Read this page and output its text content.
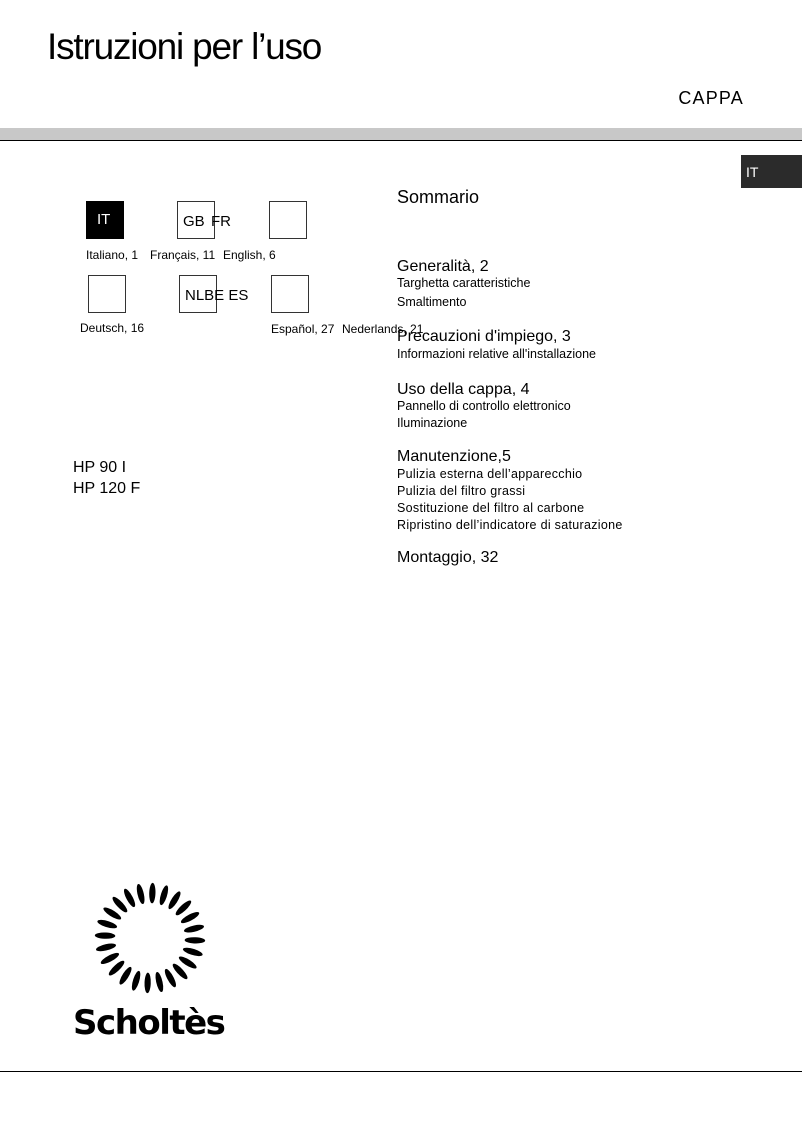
Istruzioni per l’uso
CAPPA
IT
IT	GB FR
Italiano, 1 Français, 11 English, 6
NLBE ES
Deutsch, 16	Español, 27 Nederlands, 21
HP 90 I
HP 120 F
Sommario
Generalità, 2
Targhetta caratteristiche
Smaltimento
Precauzioni d'impiego, 3
Informazioni relative all'installazione
Uso della cappa, 4
Pannello di controllo elettronico
Iluminazione
Manutenzione,5
Pulizia esterna dell’apparecchio
Pulizia del filtro grassi
Sostituzione del filtro al carbone
Ripristino dell’indicatore di saturazione
Montaggio, 32
Scholtès
